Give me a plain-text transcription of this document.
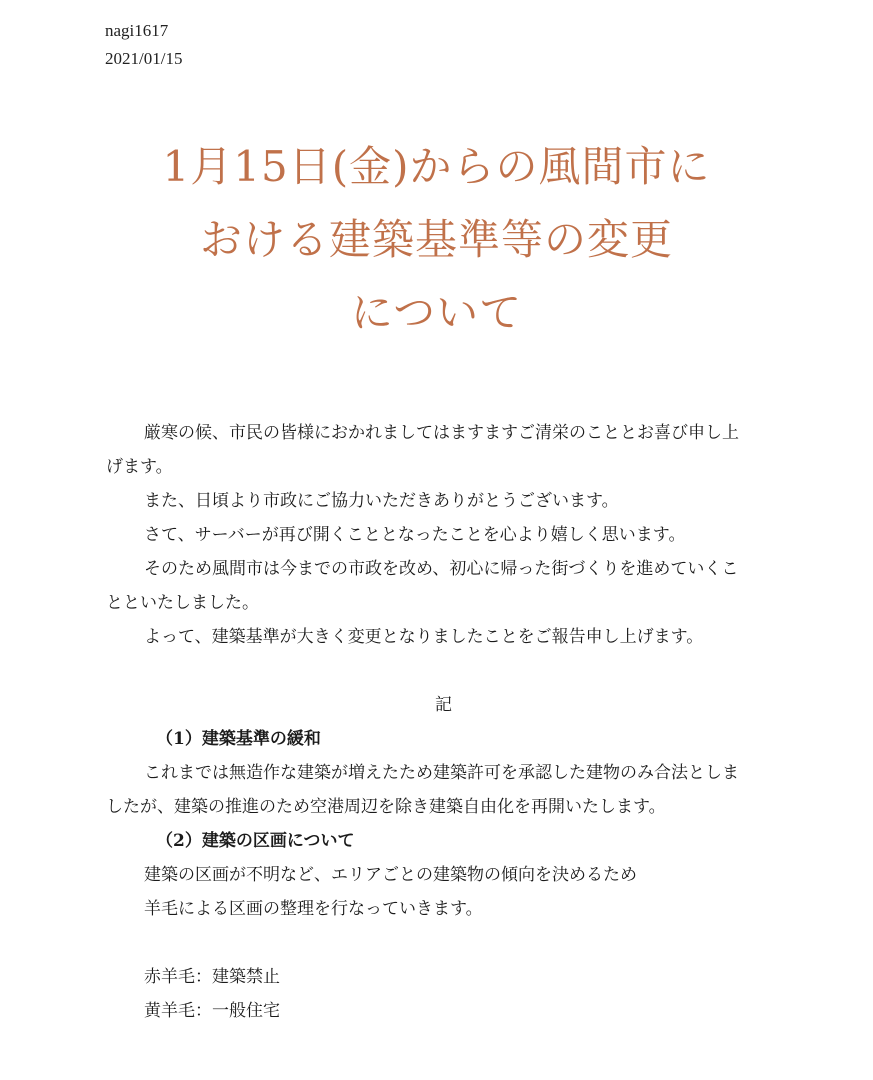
nagi1617
2021/01/15
1月15日(金)からの風間市に
おける建築基準等の変更
について

厳寒の候、市民の皆様におかれましてはますますご清栄のこととお喜び申し上

げます。

また、日頃より市政にご協力いただきありがとうございます。

さて、サーバーが再び開くこととなったことを心より嬉しく思います。

そのため風間市は今までの市政を改め、初心に帰った街づくりを進めていくこ

とといたしました。

よって、建築基準が大きく変更となりましたことをご報告申し上げます。

記

（1）建築基準の緩和

これまでは無造作な建築が増えたため建築許可を承認した建物のみ合法としま

したが、建築の推進のため空港周辺を除き建築自由化を再開いたします。

（2）建築の区画について

建築の区画が不明など、エリアごとの建築物の傾向を決めるため

羊毛による区画の整理を行なっていきます。

赤羊毛：建築禁止

黄羊毛：一般住宅
